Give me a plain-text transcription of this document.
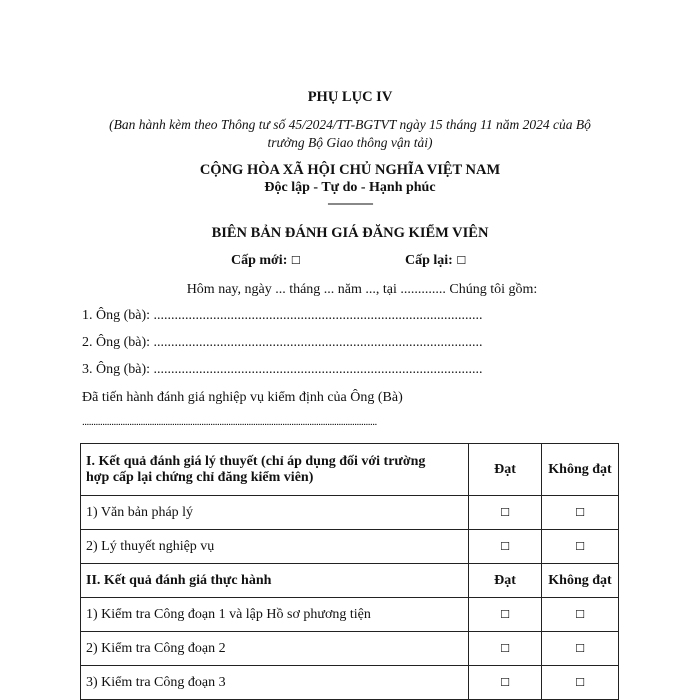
PHỤ LỤC IV
(Ban hành kèm theo Thông tư số 45/2024/TT-BGTVT ngày 15 tháng 11 năm 2024 của Bộ
trưởng Bộ Giao thông vận tải)
CỘNG HÒA XÃ HỘI CHỦ NGHĨA VIỆT NAM
Độc lập - Tự do - Hạnh phúc
---------------
BIÊN BẢN ĐÁNH GIÁ ĐĂNG KIỂM VIÊN
Cấp mới: ☐	Cấp lại: ☐
Hôm nay, ngày ... tháng ... năm ..., tại ............. Chúng tôi gồm:
1. Ông (bà): ..............................................................................................
2. Ông (bà): ..............................................................................................
3. Ông (bà): ..............................................................................................
Đã tiến hành đánh giá nghiệp vụ kiểm định của Ông (Bà)
...................................................................................................................................
I. Kết quả đánh giá lý thuyết (chỉ áp dụng đối với trường
hợp cấp lại chứng chỉ đăng kiểm viên)	Đạt	Không đạt
1) Văn bản pháp lý	☐	☐
2) Lý thuyết nghiệp vụ	☐	☐
II. Kết quả đánh giá thực hành	Đạt	Không đạt
1) Kiểm tra Công đoạn 1 và lập Hồ sơ phương tiện	☐	☐
2) Kiểm tra Công đoạn 2	☐	☐
3) Kiểm tra Công đoạn 3	☐	☐
